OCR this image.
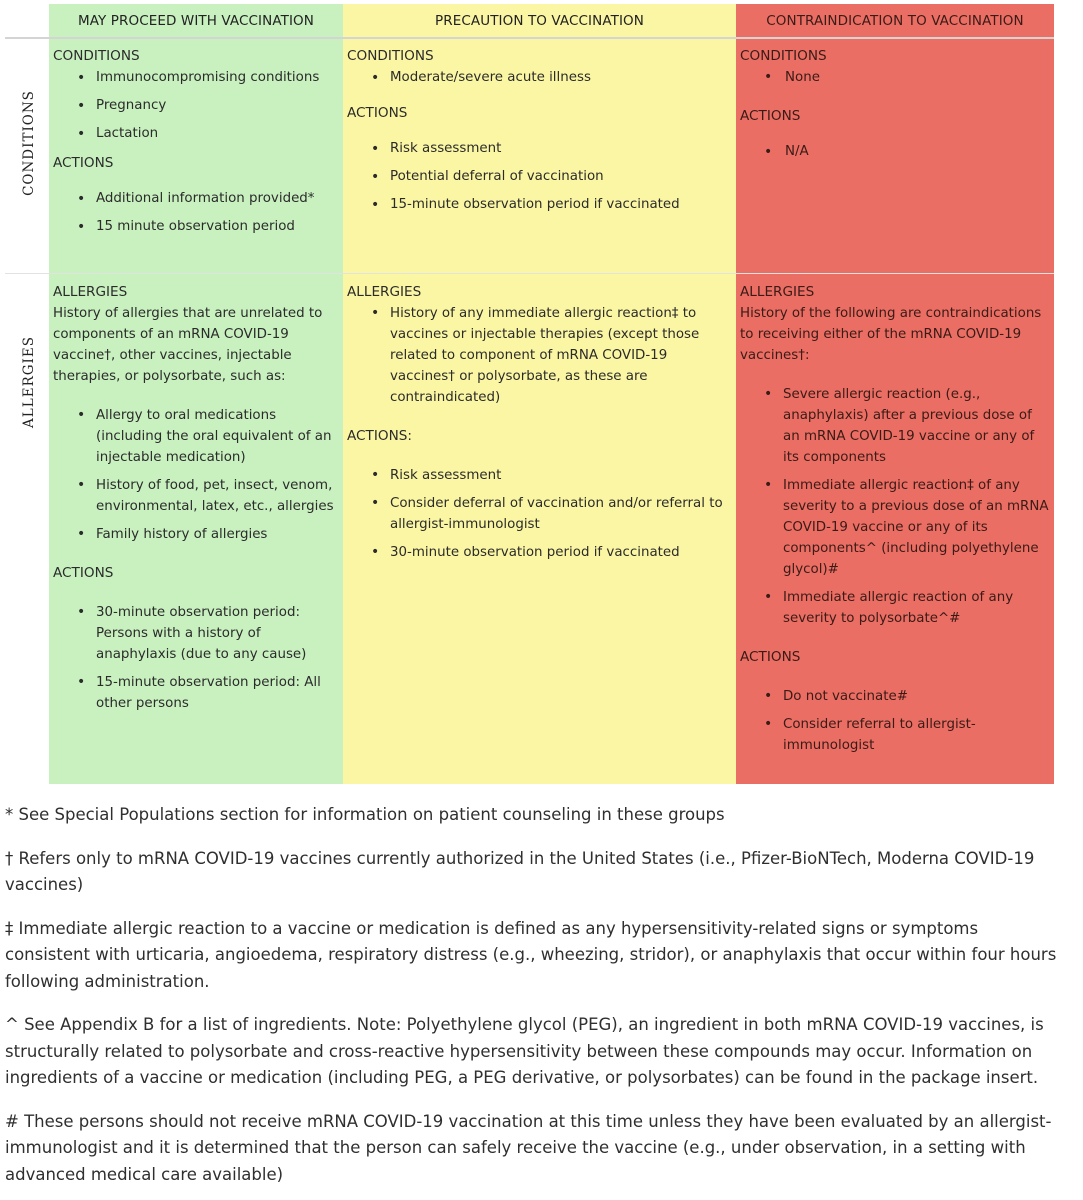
MAY PROCEED WITH VACCINATION	PRECAUTION TO VACCINATION	CONTRAINDICATION TO VACCINATION
CONDITIONS
ALLERGIES
CONDITIONS
• Immunocompromising conditions
• Pregnancy
• Lactation
ACTIONS
• Additional information provided*
• 15 minute observation period
ALLERGIES

History of allergies that are unrelated to components of an mRNA COVID-19 vaccine†, other vaccines, injectable therapies, or polysorbate, such as:

• Allergy to oral medications (including the oral equivalent of an injectable medication)
• History of food, pet, insect, venom, environmental, latex, etc., allergies
• Family history of allergies
ACTIONS
• 30-minute observation period: Persons with a history of anaphylaxis (due to any cause)
• 15-minute observation period: All other persons
CONDITIONS
• Moderate/severe acute illness
ACTIONS
• Risk assessment
• Potential deferral of vaccination
• 15-minute observation period if vaccinated
ALLERGIES
• History of any immediate allergic reaction‡ to vaccines or injectable therapies (except those related to component of mRNA COVID-19 vaccines† or polysorbate, as these are contraindicated)
ACTIONS:
• Risk assessment
• Consider deferral of vaccination and/or referral to allergist-immunologist
• 30-minute observation period if vaccinated
CONDITIONS
• None
ACTIONS
• N/A
ALLERGIES

History of the following are contraindications to receiving either of the mRNA COVID-19 vaccines†:

• Severe allergic reaction (e.g., anaphylaxis) after a previous dose of an mRNA COVID-19 vaccine or any of its components
• Immediate allergic reaction‡ of any severity to a previous dose of an mRNA COVID-19 vaccine or any of its components^ (including polyethylene glycol)#
• Immediate allergic reaction of any severity to polysorbate^#
ACTIONS
• Do not vaccinate#
• Consider referral to allergist-immunologist

* See Special Populations section for information on patient counseling in these groups

† Refers only to mRNA COVID-19 vaccines currently authorized in the United States (i.e., Pfizer-BioNTech, Moderna COVID-19 vaccines)

‡ Immediate allergic reaction to a vaccine or medication is defined as any hypersensitivity-related signs or symptoms consistent with urticaria, angioedema, respiratory distress (e.g., wheezing, stridor), or anaphylaxis that occur within four hours following administration.

^ See Appendix B for a list of ingredients. Note: Polyethylene glycol (PEG), an ingredient in both mRNA COVID-19 vaccines, is structurally related to polysorbate and cross-reactive hypersensitivity between these compounds may occur. Information on ingredients of a vaccine or medication (including PEG, a PEG derivative, or polysorbates) can be found in the package insert.

# These persons should not receive mRNA COVID-19 vaccination at this time unless they have been evaluated by an allergist-immunologist and it is determined that the person can safely receive the vaccine (e.g., under observation, in a setting with advanced medical care available)
